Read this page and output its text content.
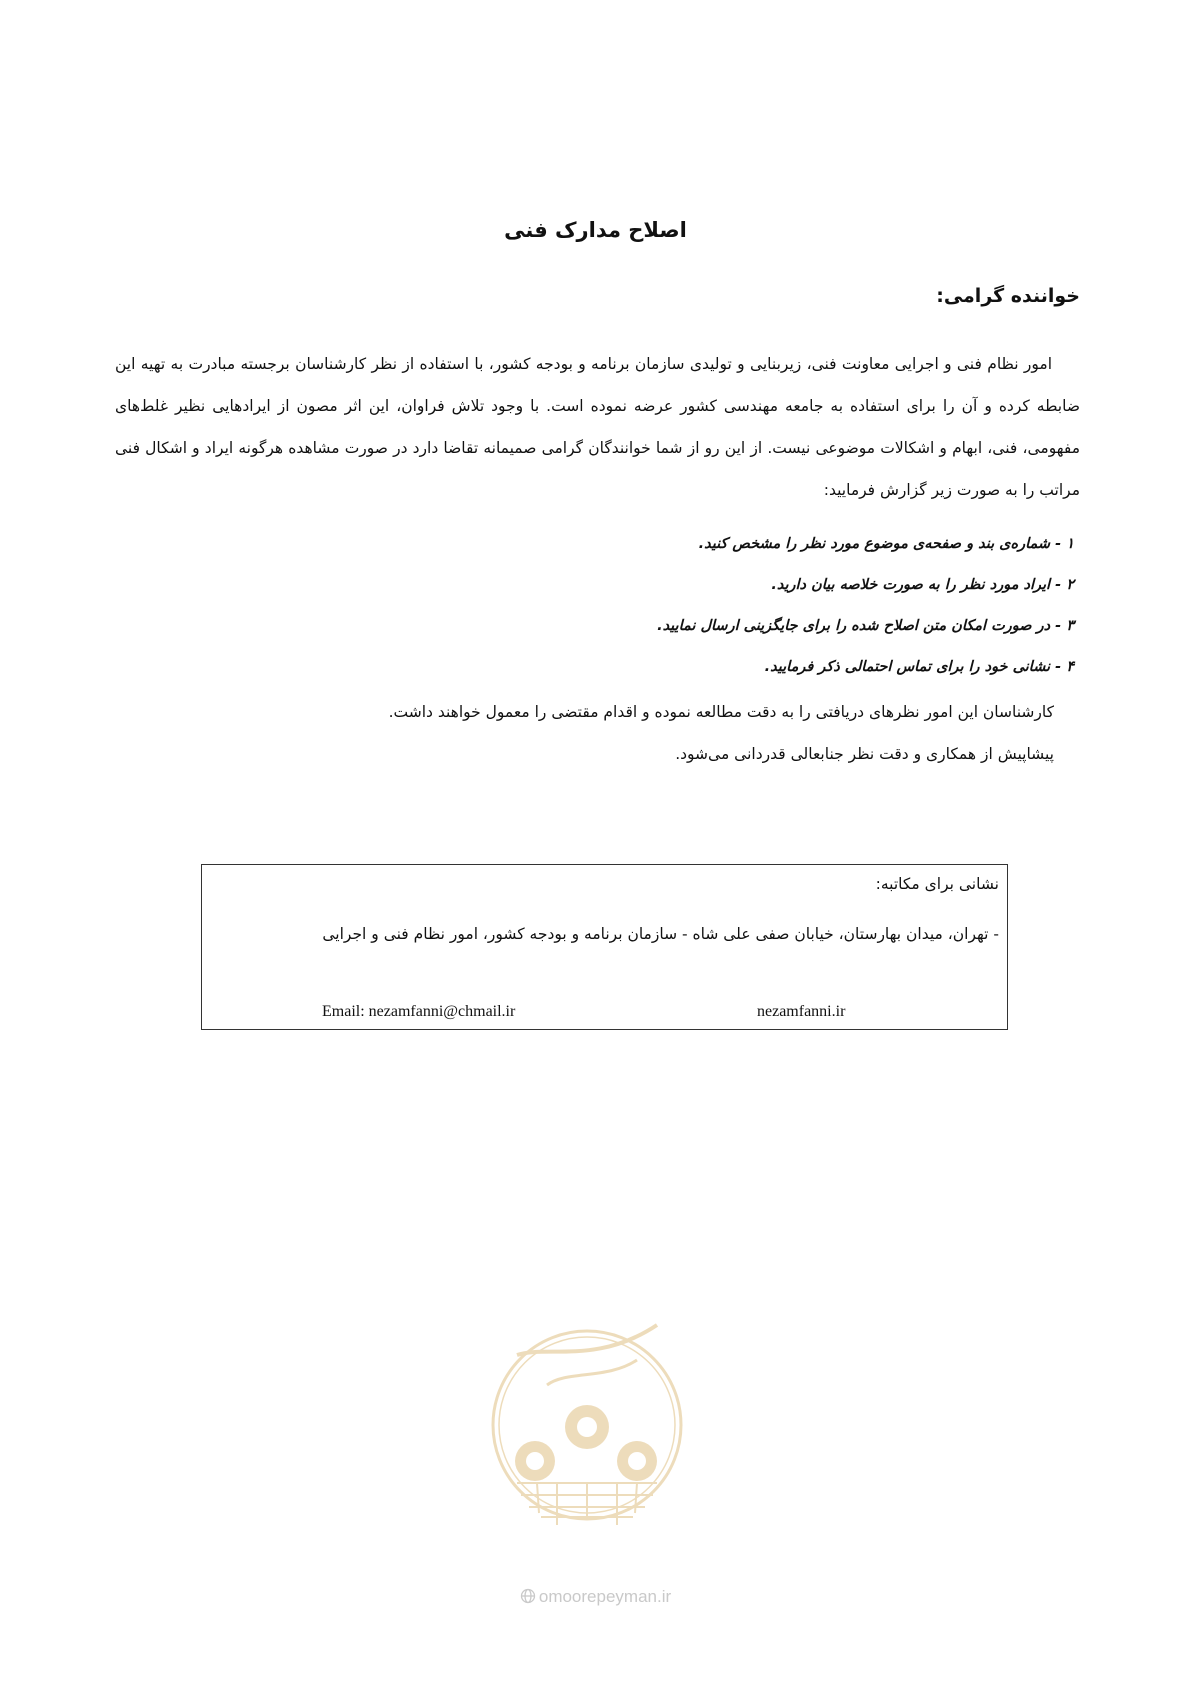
اصلاح مدارک فنی
خواننده گرامی:

امور نظام فنی و اجرایی معاونت فنی، زیربنایی و تولیدی سازمان برنامه و بودجه کشور، با استفاده از نظر کارشناسان برجسته مبادرت به تهیه این ضابطه کرده و آن را برای استفاده به جامعه مهندسی کشور عرضه نموده است. با وجود تلاش فراوان، این اثر مصون از ایرادهایی نظیر غلط‌های مفهومی، فنی، ابهام و اشکالات موضوعی نیست. از این رو از شما خوانندگان گرامی صمیمانه تقاضا دارد در صورت مشاهده هرگونه ایراد و اشکال فنی مراتب را به صورت زیر گزارش فرمایید:

۱ - شماره‌ی بند و صفحه‌ی موضوع مورد نظر را مشخص کنید.
۲ - ایراد مورد نظر را به صورت خلاصه بیان دارید.
۳ - در صورت امکان متن اصلاح شده را برای جایگزینی ارسال نمایید.
۴ - نشانی خود را برای تماس احتمالی ذکر فرمایید.
کارشناسان این امور نظرهای دریافتی را به دقت مطالعه نموده و اقدام مقتضی را معمول خواهند داشت.
پیشاپیش از همکاری و دقت نظر جنابعالی قدردانی می‌شود.
نشانی برای مکاتبه:
- تهران، میدان بهارستان، خیابان صفی علی شاه - سازمان برنامه و بودجه کشور، امور نظام فنی و اجرایی
Email: nezamfanni@chmail.ir	nezamfanni.ir
omoorepeyman.ir
